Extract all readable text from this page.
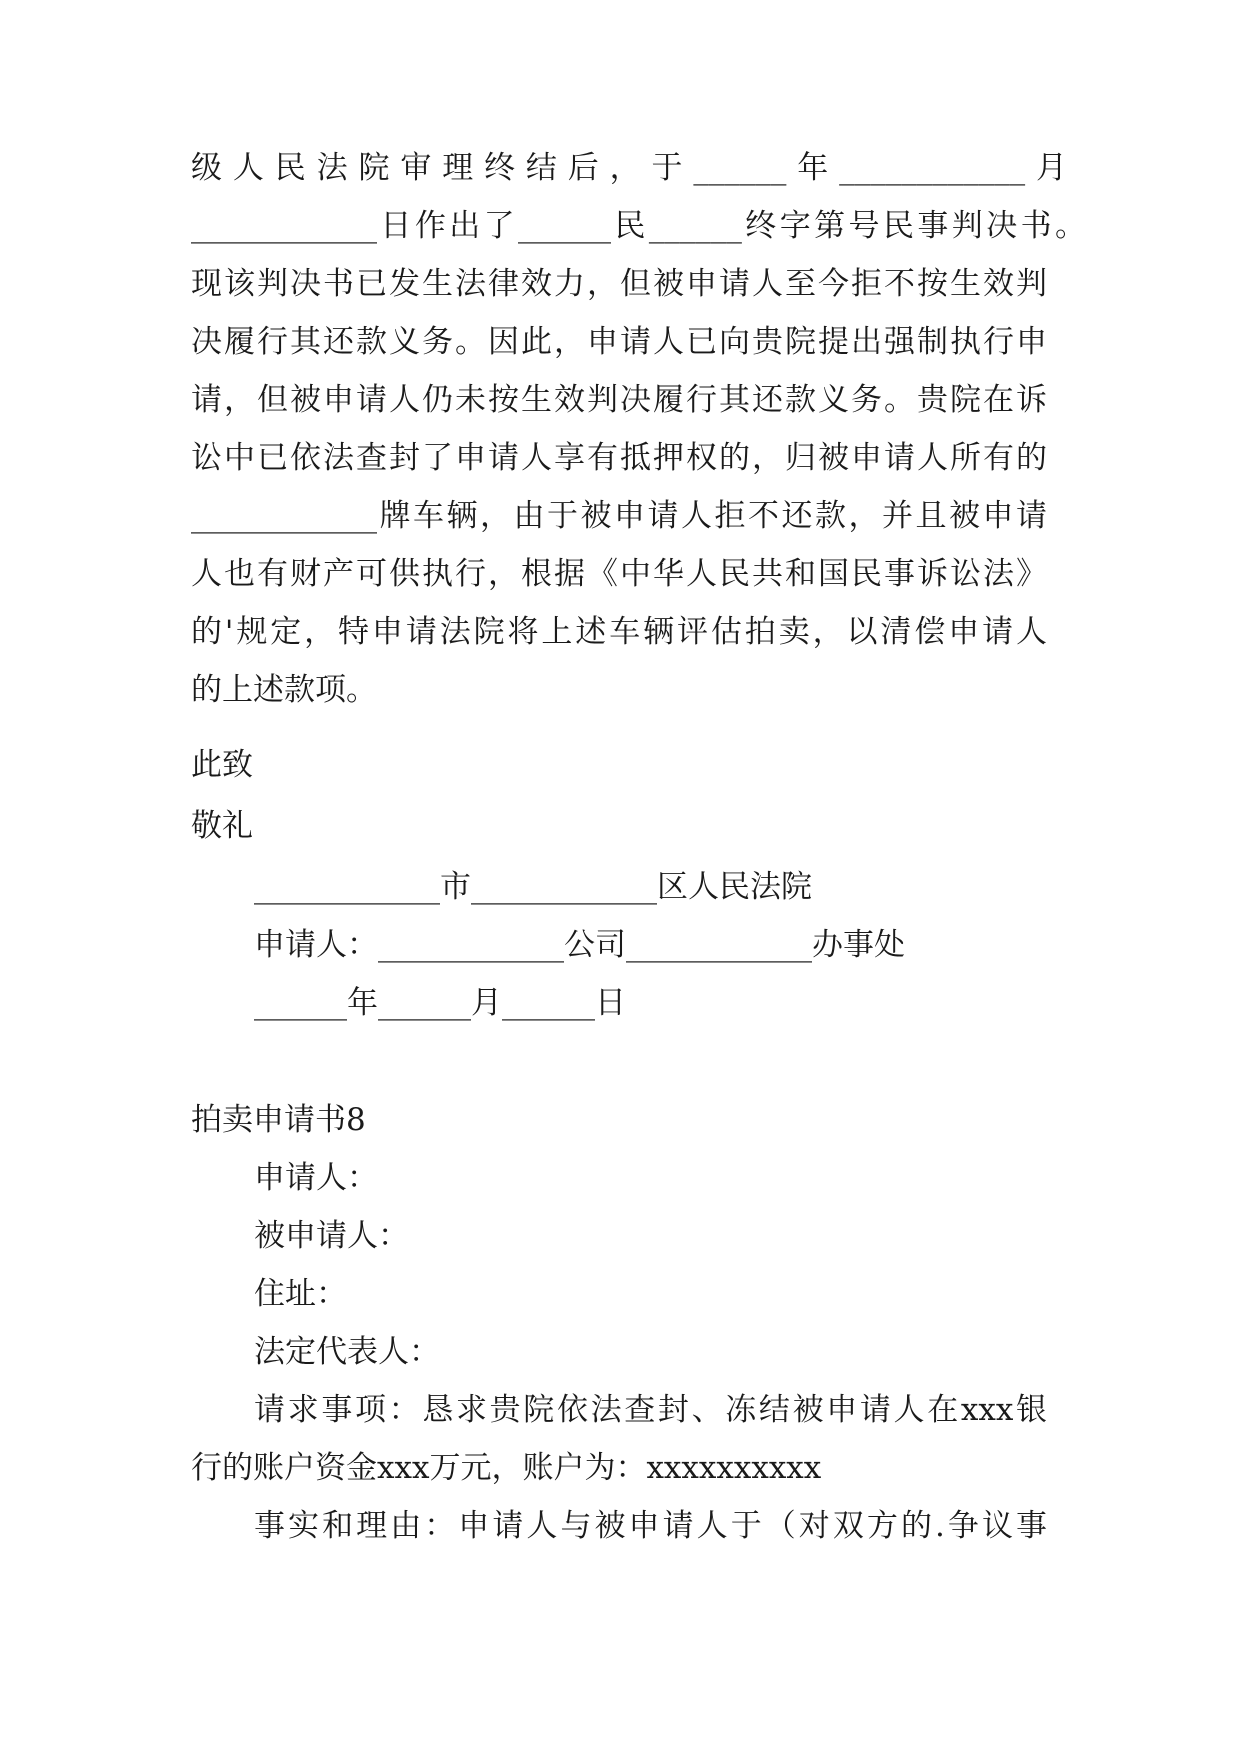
级人民法院审理终结后，于______年____________月

____________日作出了______民______终字第号民事判决书。

现该判决书已发生法律效力，但被申请人至今拒不按生效判

决履行其还款义务。因此，申请人已向贵院提出强制执行申

请，但被申请人仍未按生效判决履行其还款义务。贵院在诉

讼中已依法查封了申请人享有抵押权的，归被申请人所有的

____________牌车辆，由于被申请人拒不还款，并且被申请

人也有财产可供执行，根据《中华人民共和国民事诉讼法》

的'规定，特申请法院将上述车辆评估拍卖，以清偿申请人

的上述款项。

此致

敬礼

____________市____________区人民法院

申请人：____________公司____________办事处

______年______月______日

拍卖申请书8

申请人：

被申请人：

住址：

法定代表人：

请求事项：恳求贵院依法查封、冻结被申请人在xxx银

行的账户资金xxx万元，账户为：xxxxxxxxxx

事实和理由：申请人与被申请人于（对双方的.争议事
